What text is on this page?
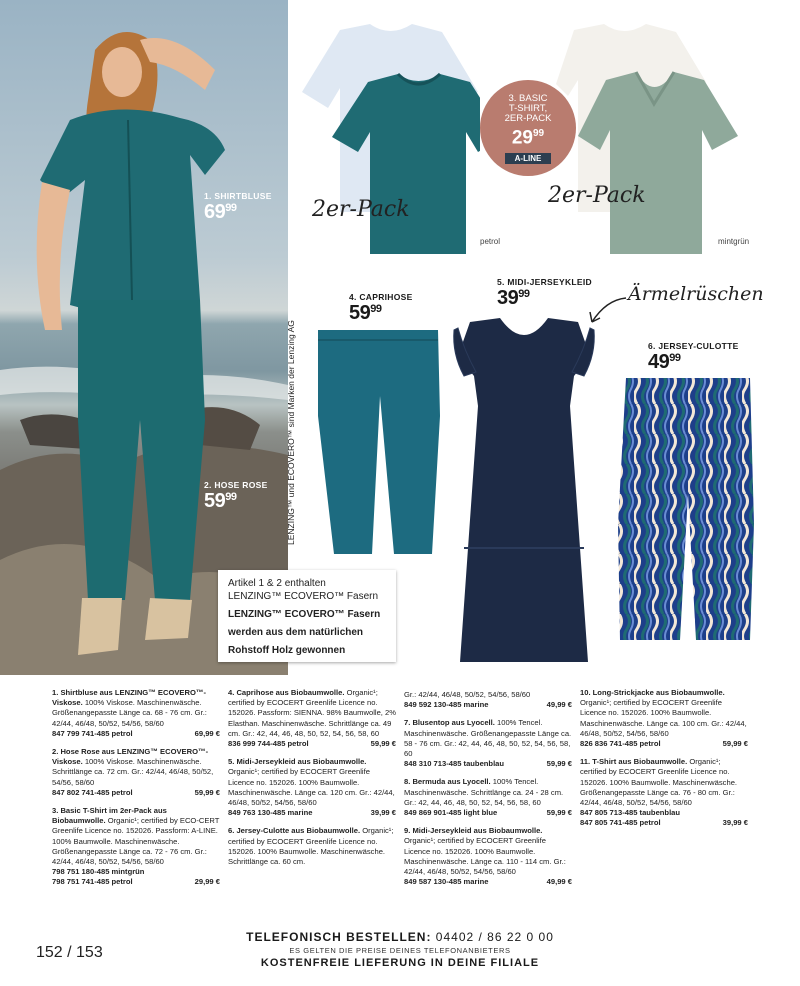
1. SHIRTBLUSE
$69^{99}$
2. HOSE ROSE
$59^{99}$
2er-Pack
2er-Pack
petrol	mintgrün
3. BASIC
T-SHIRT,
2ER-PACK
$29^{99}$
A-LINE
4. CAPRIHOSE
$59^{99}$
LENZING™ und ECOVERO™ sind Marken der Lenzing AG
5. MIDI-JERSEYKLEID
$39^{99}$	Ärmelrüschen
6. JERSEY-CULOTTE
$49^{99}$
Artikel 1 & 2 enthalten
LENZING™ ECOVERO™ Fasern
LENZING™ ECOVERO™ Fasern
werden aus dem natürlichen
Rohstoff Holz gewonnen
1. Shirtbluse aus LENZING™ ECOVERO™-Viskose. 100% Viskose. Maschinenwäsche. Größenangepasste Länge ca. 68 - 76 cm. Gr.: 42/44, 46/48, 50/52, 54/56, 58/60
847 799 741-485 petrol	69,99 €
2. Hose Rose aus LENZING™ ECOVERO™-Viskose. 100% Viskose. Maschinenwäsche. Schrittlänge ca. 72 cm. Gr.: 42/44, 46/48, 50/52, 54/56, 58/60
847 802 741-485 petrol	59,99 €
3. Basic T-Shirt im 2er-Pack aus Biobaumwolle. Organic¹; certified by ECO-CERT Greenlife Licence no. 152026. Passform: A-LINE. 100% Baumwolle. Maschinenwäsche. Größenangepasste Länge ca. 72 - 76 cm. Gr.: 42/44, 46/48, 50/52, 54/56, 58/60
798 751 180-485 mintgrün
798 751 741-485 petrol	29,99 €
4. Caprihose aus Biobaumwolle. Organic¹; certified by ECOCERT Greenlife Licence no. 152026. Passform: SIENNA. 98% Baumwolle, 2% Elasthan. Maschinenwäsche. Schrittlänge ca. 49 cm. Gr.: 42, 44, 46, 48, 50, 52, 54, 56, 58, 60
836 999 744-485 petrol	59,99 €
5. Midi-Jerseykleid aus Biobaumwolle. Organic¹; certified by ECOCERT Greenlife Licence no. 152026. 100% Baumwolle. Maschinenwäsche. Länge ca. 120 cm. Gr.: 42/44, 46/48, 50/52, 54/56, 58/60
849 763 130-485 marine	39,99 €
6. Jersey-Culotte aus Biobaumwolle. Organic¹; certified by ECOCERT Greenlife Licence no. 152026. 100% Baumwolle. Maschinenwäsche. Schrittlänge ca. 60 cm.
Gr.: 42/44, 46/48, 50/52, 54/56, 58/60
849 592 130-485 marine	49,99 €
7. Blusentop aus Lyocell. 100% Tencel. Maschinenwäsche. Größenangepasste Länge ca. 58 - 76 cm. Gr.: 42, 44, 46, 48, 50, 52, 54, 56, 58, 60
848 310 713-485 taubenblau	59,99 €
8. Bermuda aus Lyocell. 100% Tencel. Maschinenwäsche. Schrittlänge ca. 24 - 28 cm. Gr.: 42, 44, 46, 48, 50, 52, 54, 56, 58, 60
849 869 901-485 light blue	59,99 €
9. Midi-Jerseykleid aus Biobaumwolle. Organic¹; certified by ECOCERT Greenlife Licence no. 152026. 100% Baumwolle. Maschinenwäsche. Länge ca. 110 - 114 cm. Gr.: 42/44, 46/48, 50/52, 54/56, 58/60
849 587 130-485 marine	49,99 €
10. Long-Strickjacke aus Biobaumwolle. Organic¹; certified by ECOCERT Greenlife Licence no. 152026. 100% Baumwolle. Maschinenwäsche. Länge ca. 100 cm. Gr.: 42/44, 46/48, 50/52, 54/56, 58/60
826 836 741-485 petrol	59,99 €
11. T-Shirt aus Biobaumwolle. Organic¹; certified by ECOCERT Greenlife Licence no. 152026. 100% Baumwolle. Maschinenwäsche. Größenangepasste Länge ca. 76 - 80 cm. Gr.: 42/44, 46/48, 50/52, 54/56, 58/60
847 805 713-485 taubenblau
847 805 741-485 petrol	39,99 €
TELEFONISCH BESTELLEN: 04402 / 86 22 0 00
ES GELTEN DIE PREISE DEINES TELEFONANBIETERS
KOSTENFREIE LIEFERUNG IN DEINE FILIALE
152 / 153
